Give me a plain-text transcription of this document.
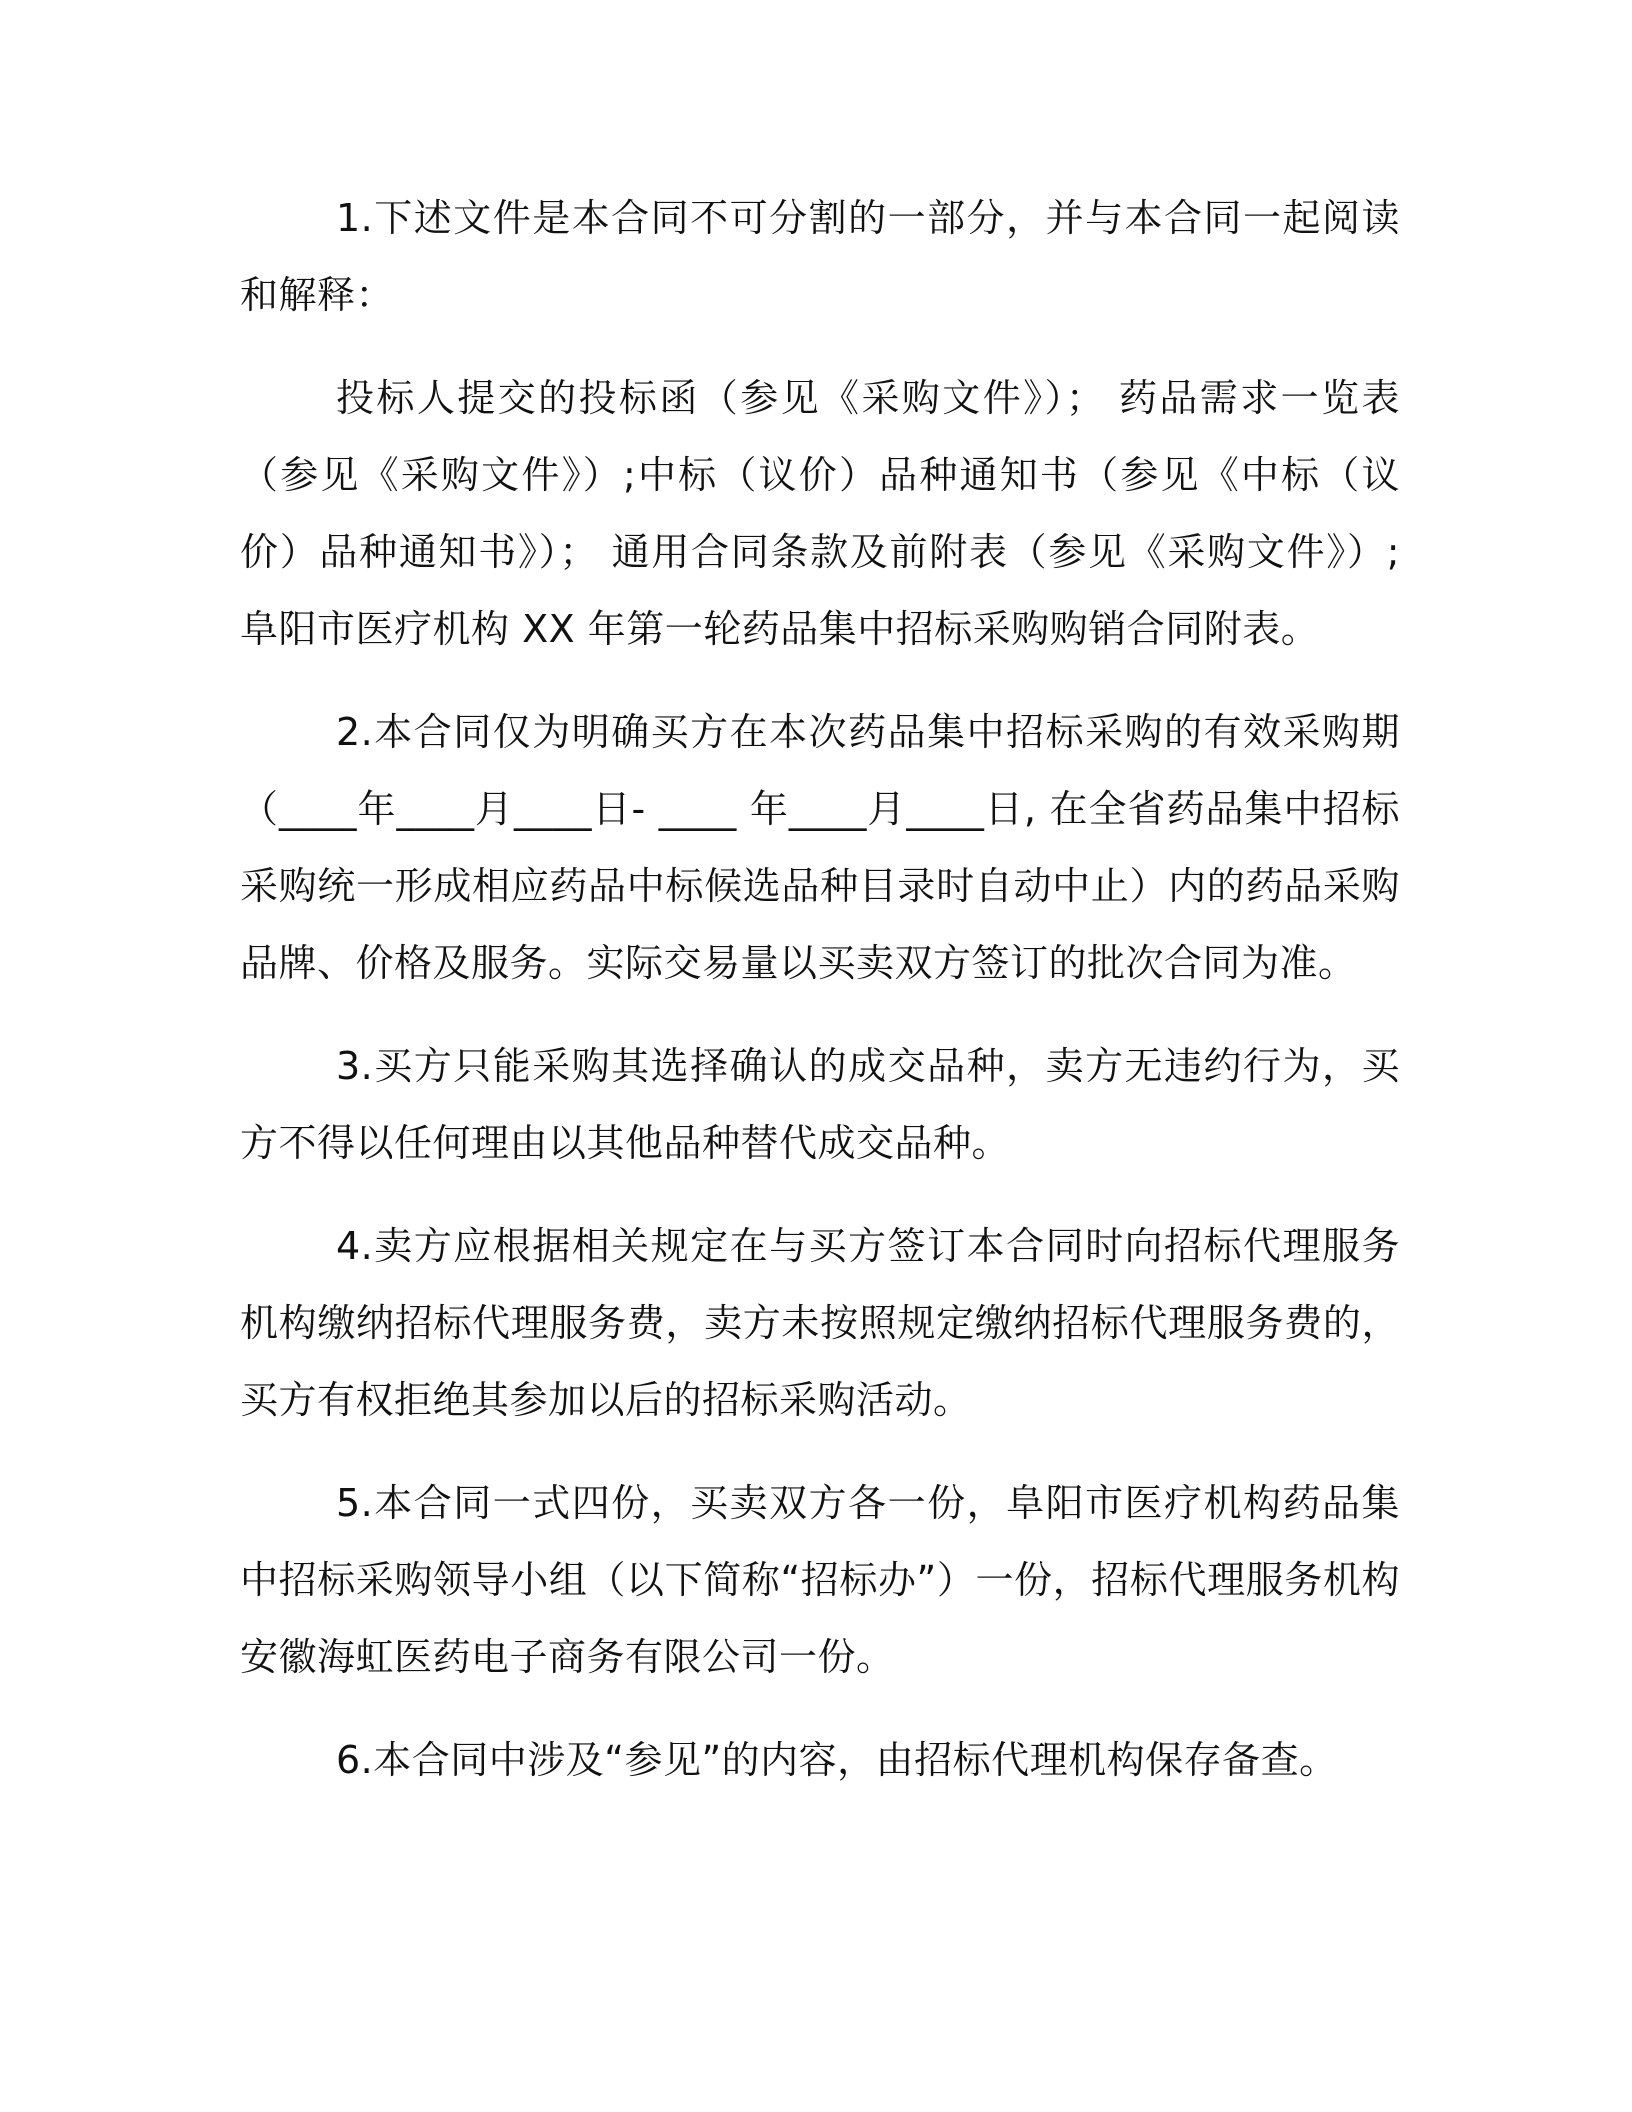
1.下述文件是本合同不可分割的一部分，并与本合同一起阅读和解释：

投标人提交的投标函（参见《采购文件》）； 药品需求一览表（参见《采购文件》）;中标（议价）品种通知书（参见《中标（议价）品种通知书》）； 通用合同条款及前附表（参见《采购文件》）; 阜阳市医疗机构 XX 年第一轮药品集中招标采购购销合同附表。

2.本合同仅为明确买方在本次药品集中招标采购的有效采购期（____年____月____日- ____ 年____月____日, 在全省药品集中招标采购统一形成相应药品中标候选品种目录时自动中止）内的药品采购品牌、价格及服务。实际交易量以买卖双方签订的批次合同为准。

3.买方只能采购其选择确认的成交品种，卖方无违约行为，买方不得以任何理由以其他品种替代成交品种。

4.卖方应根据相关规定在与买方签订本合同时向招标代理服务机构缴纳招标代理服务费，卖方未按照规定缴纳招标代理服务费的，买方有权拒绝其参加以后的招标采购活动。

5.本合同一式四份，买卖双方各一份，阜阳市医疗机构药品集中招标采购领导小组（以下简称“招标办”）一份，招标代理服务机构安徽海虹医药电子商务有限公司一份。

6.本合同中涉及“参见”的内容，由招标代理机构保存备查。
